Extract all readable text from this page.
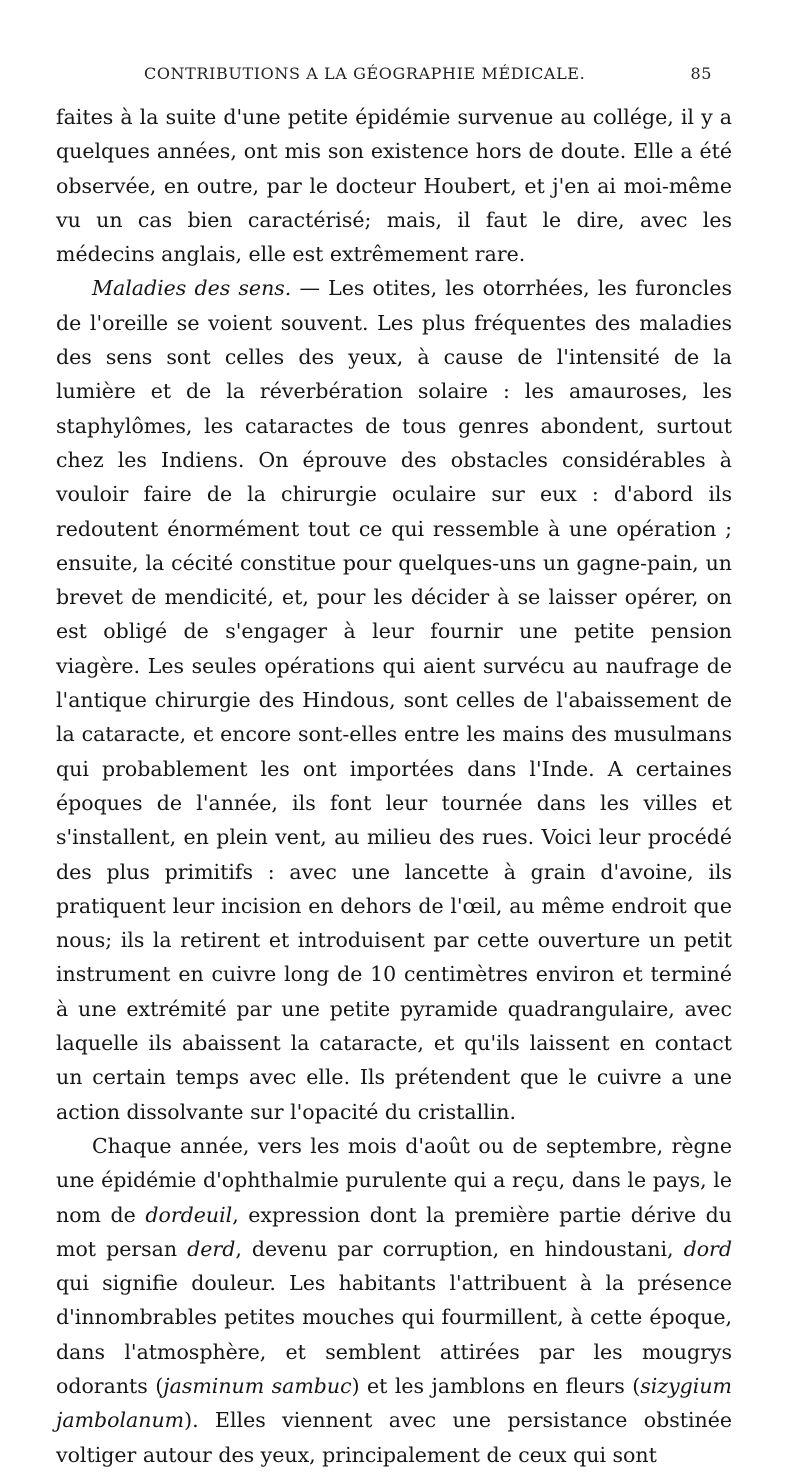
CONTRIBUTIONS A LA GÉOGRAPHIE MÉDICALE.	85

faites à la suite d'une petite épidémie survenue au collége, il y a quelques années, ont mis son existence hors de doute. Elle a été observée, en outre, par le docteur Houbert, et j'en ai moi-même vu un cas bien caractérisé; mais, il faut le dire, avec les médecins anglais, elle est extrêmement rare.

Maladies des sens. — Les otites, les otorrhées, les furoncles de l'oreille se voient souvent. Les plus fréquentes des maladies des sens sont celles des yeux, à cause de l'intensité de la lumière et de la réverbération solaire : les amauroses, les staphylômes, les cataractes de tous genres abondent, surtout chez les Indiens. On éprouve des obstacles considérables à vouloir faire de la chirurgie oculaire sur eux : d'abord ils redoutent énormément tout ce qui ressemble à une opération ; ensuite, la cécité constitue pour quelques-uns un gagne-pain, un brevet de mendicité, et, pour les décider à se laisser opérer, on est obligé de s'engager à leur fournir une petite pension viagère. Les seules opérations qui aient survécu au naufrage de l'antique chirurgie des Hindous, sont celles de l'abaissement de la cataracte, et encore sont-elles entre les mains des musulmans qui probablement les ont importées dans l'Inde. A certaines époques de l'année, ils font leur tournée dans les villes et s'installent, en plein vent, au milieu des rues. Voici leur procédé des plus primitifs : avec une lancette à grain d'avoine, ils pratiquent leur incision en dehors de l'œil, au même endroit que nous; ils la retirent et introduisent par cette ouverture un petit instrument en cuivre long de 10 centimètres environ et terminé à une extrémité par une petite pyramide quadrangulaire, avec laquelle ils abaissent la cataracte, et qu'ils laissent en contact un certain temps avec elle. Ils prétendent que le cuivre a une action dissolvante sur l'opacité du cristallin.

Chaque année, vers les mois d'août ou de septembre, règne une épidémie d'ophthalmie purulente qui a reçu, dans le pays, le nom de dordeuil, expression dont la première partie dérive du mot persan derd, devenu par corruption, en hindoustani, dord qui signifie douleur. Les habitants l'attribuent à la présence d'innombrables petites mouches qui fourmillent, à cette époque, dans l'atmosphère, et semblent attirées par les mougrys odorants (jasminum sambuc) et les jamblons en fleurs (sizygium jambolanum). Elles viennent avec une persistance obstinée voltiger autour des yeux, principalement de ceux qui sont
